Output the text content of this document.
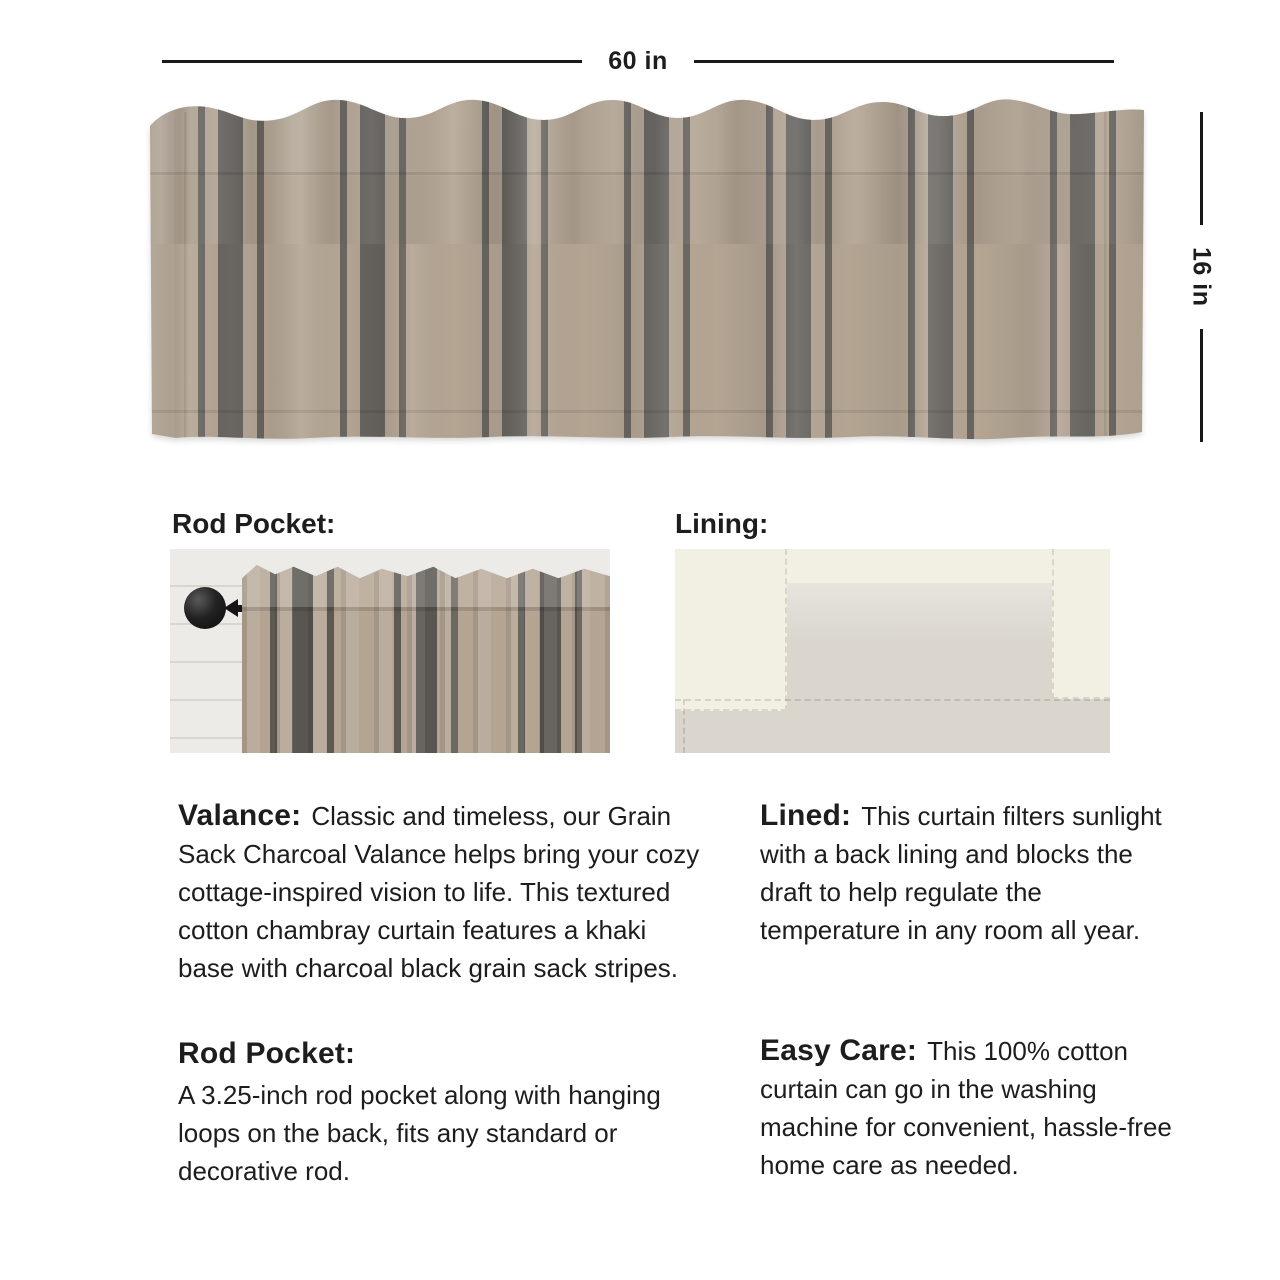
60 in
16 in
Rod Pocket:	Lining:

Valance: Classic and timeless, our Grain Sack Charcoal Valance helps bring your cozy cottage-inspired vision to life. This textured cotton chambray curtain features a khaki base with charcoal black grain sack stripes.

Lined: This curtain filters sunlight with a back lining and blocks the draft to help regulate the temperature in any room all year.

Rod Pocket:

A 3.25-inch rod pocket along with hanging loops on the back, fits any standard or decorative rod.

Easy Care: This 100% cotton curtain can go in the washing machine for convenient, hassle-free home care as needed.
